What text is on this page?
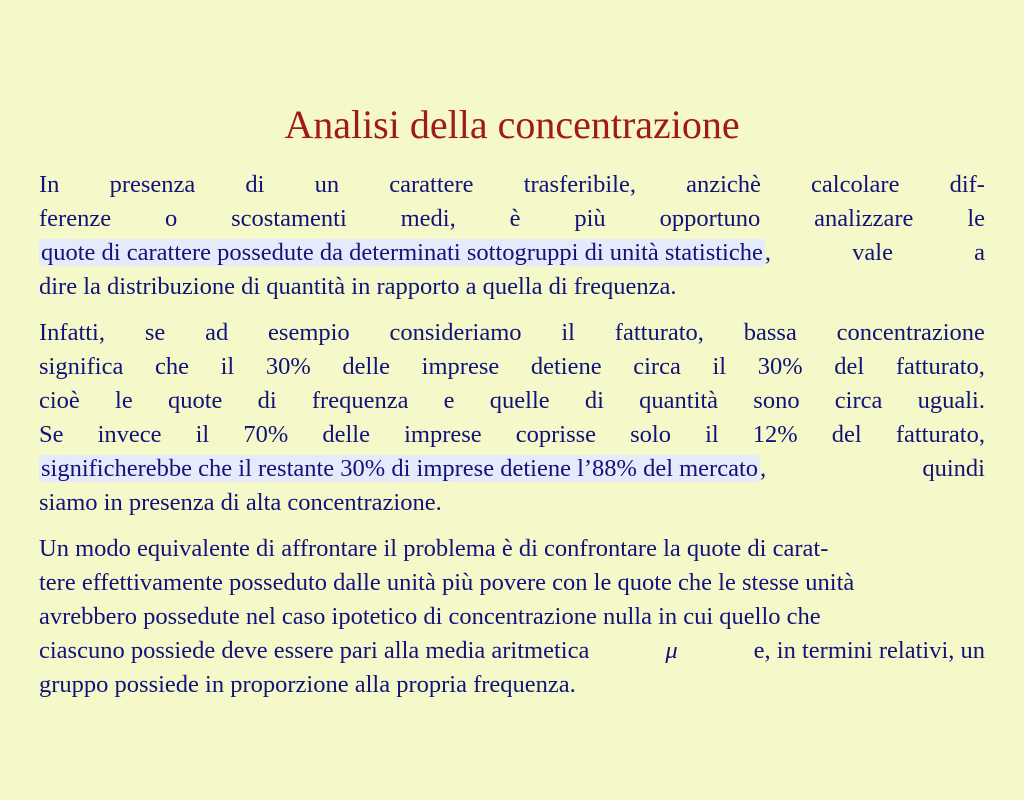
Analisi della concentrazione
In presenza di un carattere trasferibile, anzichè calcolare dif-
ferenze o scostamenti medi, è più opportuno analizzare le
quote di carattere possedute da determinati sottogruppi di unità statistiche,	vale	a
dire la distribuzione di quantità in rapporto a quella di frequenza.
Infatti, se ad esempio consideriamo il fatturato, bassa concentrazione
significa che il 30% delle imprese detiene circa il 30% del fatturato,
cioè le quote di frequenza e quelle di quantità sono circa uguali.
Se invece il 70% delle imprese coprisse solo il 12% del fatturato,
significherebbe che il restante 30% di imprese detiene l’88% del mercato,	quindi
siamo in presenza di alta concentrazione.
Un modo equivalente di affrontare il problema è di confrontare la quote di carat-
tere effettivamente posseduto dalle unità più povere con le quote che le stesse unità
avrebbero possedute nel caso ipotetico di concentrazione nulla in cui quello che
ciascuno possiede deve essere pari alla media aritmetica	μ	e, in termini relativi, un
gruppo possiede in proporzione alla propria frequenza.
